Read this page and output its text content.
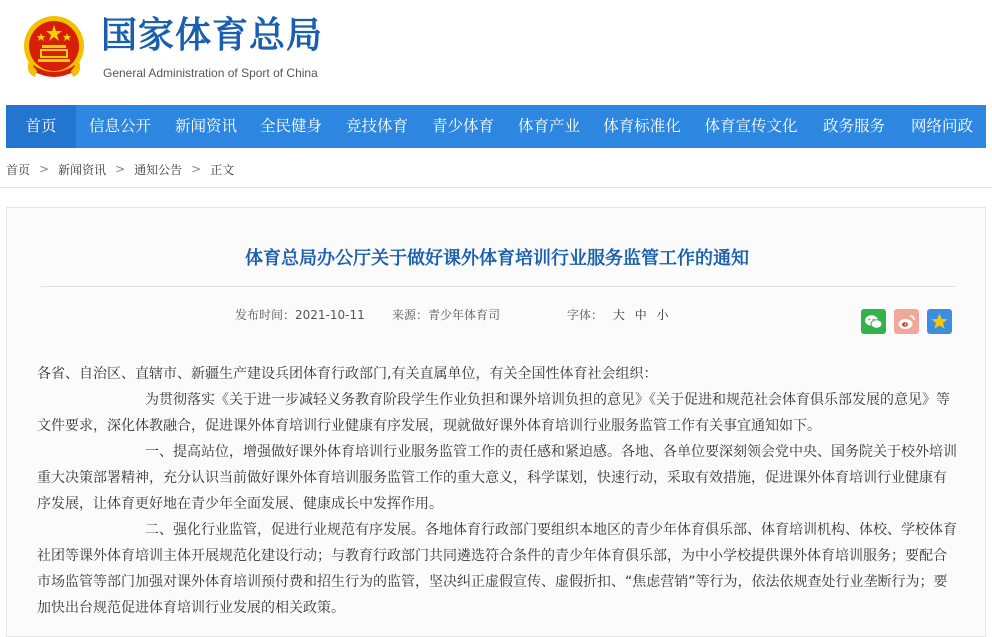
国家体育总局
General Administration of Sport of China
首页	信息公开	新闻资讯	全民健身	竞技体育	青少体育	体育产业	体育标准化	体育宣传文化	政务服务	网络问政
首页 > 新闻资讯 > 通知公告 > 正文
体育总局办公厅关于做好课外体育培训行业服务监管工作的通知
发布时间：2021-10-11 来源：青少年体育司	字体： 大 中 小

各省、自治区、直辖市、新疆生产建设兵团体育行政部门,有关直属单位，有关全国性体育社会组织：

为贯彻落实《关于进一步减轻义务教育阶段学生作业负担和课外培训负担的意见》《关于促进和规范社会体育俱乐部发展的意见》等文件要求，深化体教融合，促进课外体育培训行业健康有序发展，现就做好课外体育培训行业服务监管工作有关事宜通知如下。

一、提高站位，增强做好课外体育培训行业服务监管工作的责任感和紧迫感。各地、各单位要深刻领会党中央、国务院关于校外培训重大决策部署精神，充分认识当前做好课外体育培训服务监管工作的重大意义，科学谋划，快速行动，采取有效措施，促进课外体育培训行业健康有序发展，让体育更好地在青少年全面发展、健康成长中发挥作用。

二、强化行业监管，促进行业规范有序发展。各地体育行政部门要组织本地区的青少年体育俱乐部、体育培训机构、体校、学校体育社团等课外体育培训主体开展规范化建设行动；与教育行政部门共同遴选符合条件的青少年体育俱乐部，为中小学校提供课外体育培训服务；要配合市场监管等部门加强对课外体育培训预付费和招生行为的监管，坚决纠正虚假宣传、虚假折扣、“焦虑营销”等行为，依法依规查处行业垄断行为；要加快出台规范促进体育培训行业发展的相关政策。
